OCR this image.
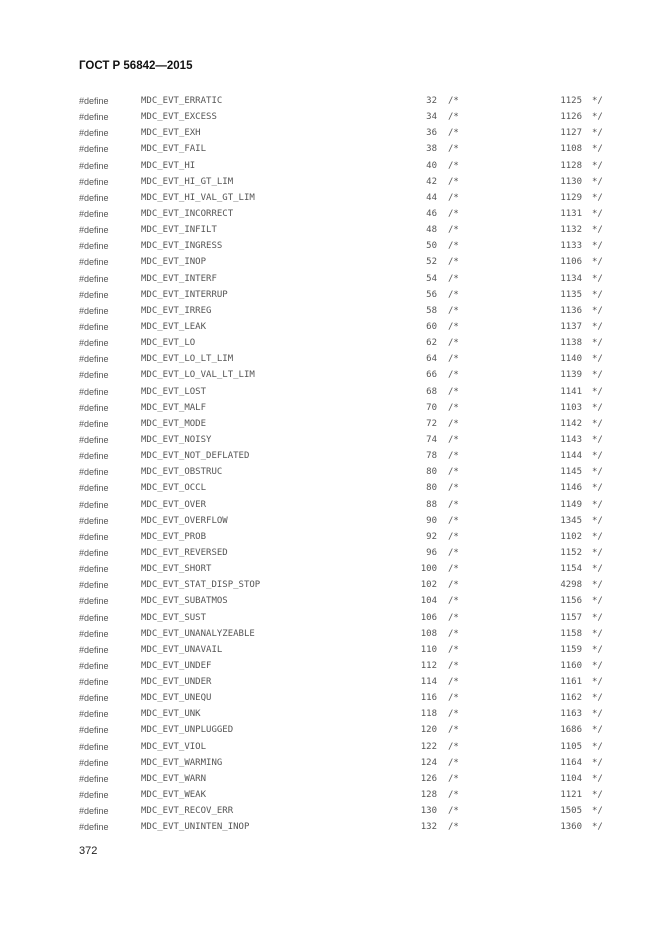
ГОСТ Р 56842—2015
#define	MDC_EVT_ERRATIC	32 /*	1125 */
#define	MDC_EVT_EXCESS	34 /*	1126 */
#define	MDC_EVT_EXH	36 /*	1127 */
#define	MDC_EVT_FAIL	38 /*	1108 */
#define	MDC_EVT_HI	40 /*	1128 */
#define	MDC_EVT_HI_GT_LIM	42 /*	1130 */
#define	MDC_EVT_HI_VAL_GT_LIM	44 /*	1129 */
#define	MDC_EVT_INCORRECT	46 /*	1131 */
#define	MDC_EVT_INFILT	48 /*	1132 */
#define	MDC_EVT_INGRESS	50 /*	1133 */
#define	MDC_EVT_INOP	52 /*	1106 */
#define	MDC_EVT_INTERF	54 /*	1134 */
#define	MDC_EVT_INTERRUP	56 /*	1135 */
#define	MDC_EVT_IRREG	58 /*	1136 */
#define	MDC_EVT_LEAK	60 /*	1137 */
#define	MDC_EVT_LO	62 /*	1138 */
#define	MDC_EVT_LO_LT_LIM	64 /*	1140 */
#define	MDC_EVT_LO_VAL_LT_LIM	66 /*	1139 */
#define	MDC_EVT_LOST	68 /*	1141 */
#define	MDC_EVT_MALF	70 /*	1103 */
#define	MDC_EVT_MODE	72 /*	1142 */
#define	MDC_EVT_NOISY	74 /*	1143 */
#define	MDC_EVT_NOT_DEFLATED	78 /*	1144 */
#define	MDC_EVT_OBSTRUC	80 /*	1145 */
#define	MDC_EVT_OCCL	80 /*	1146 */
#define	MDC_EVT_OVER	88 /*	1149 */
#define	MDC_EVT_OVERFLOW	90 /*	1345 */
#define	MDC_EVT_PROB	92 /*	1102 */
#define	MDC_EVT_REVERSED	96 /*	1152 */
#define	MDC_EVT_SHORT	100 /*	1154 */
#define	MDC_EVT_STAT_DISP_STOP	102 /*	4298 */
#define	MDC_EVT_SUBATMOS	104 /*	1156 */
#define	MDC_EVT_SUST	106 /*	1157 */
#define	MDC_EVT_UNANALYZEABLE	108 /*	1158 */
#define	MDC_EVT_UNAVAIL	110 /*	1159 */
#define	MDC_EVT_UNDEF	112 /*	1160 */
#define	MDC_EVT_UNDER	114 /*	1161 */
#define	MDC_EVT_UNEQU	116 /*	1162 */
#define	MDC_EVT_UNK	118 /*	1163 */
#define	MDC_EVT_UNPLUGGED	120 /*	1686 */
#define	MDC_EVT_VIOL	122 /*	1105 */
#define	MDC_EVT_WARMING	124 /*	1164 */
#define	MDC_EVT_WARN	126 /*	1104 */
#define	MDC_EVT_WEAK	128 /*	1121 */
#define	MDC_EVT_RECOV_ERR	130 /*	1505 */
#define	MDC_EVT_UNINTEN_INOP	132 /*	1360 */
372
